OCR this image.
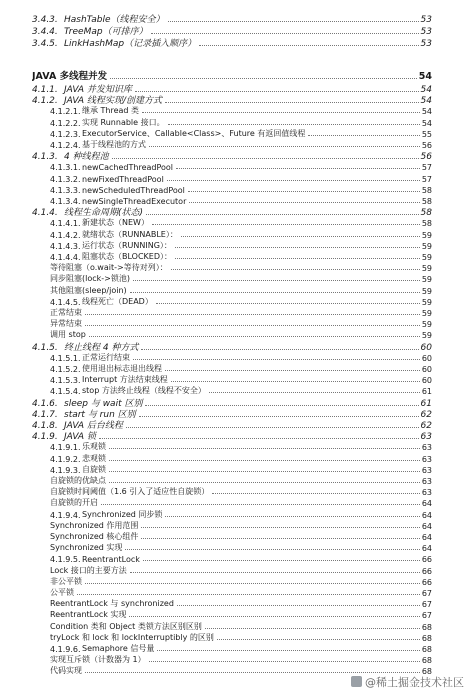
3.4.3. HashTable（线程安全）	53
3.4.4. TreeMap（可排序）	53
3.4.5. LinkHashMap（记录插入顺序）	53
JAVA 多线程并发	54
4.1.1. JAVA 并发知识库	54
4.1.2. JAVA 线程实现/创建方式	54
4.1.2.1. 继承 Thread 类	54
4.1.2.2. 实现 Runnable 接口。	54
4.1.2.3. ExecutorService、Callable<Class>、Future 有返回值线程	55
4.1.2.4. 基于线程池的方式	56
4.1.3. 4 种线程池	56
4.1.3.1. newCachedThreadPool	57
4.1.3.2. newFixedThreadPool	57
4.1.3.3. newScheduledThreadPool	58
4.1.3.4. newSingleThreadExecutor	58
4.1.4. 线程生命周期(状态)	58
4.1.4.1. 新建状态（NEW）	58
4.1.4.2. 就绪状态（RUNNABLE）：	59
4.1.4.3. 运行状态（RUNNING）：	59
4.1.4.4. 阻塞状态（BLOCKED）：	59
等待阻塞（o.wait->等待对列）：	59
同步阻塞(lock->锁池)	59
其他阻塞(sleep/join)	59
4.1.4.5. 线程死亡（DEAD）	59
正常结束	59
异常结束	59
调用 stop	59
4.1.5. 终止线程 4 种方式	60
4.1.5.1. 正常运行结束	60
4.1.5.2. 使用退出标志退出线程	60
4.1.5.3. Interrupt 方法结束线程	60
4.1.5.4. stop 方法终止线程（线程不安全）	61
4.1.6. sleep 与 wait 区别	61
4.1.7. start 与 run 区别	62
4.1.8. JAVA 后台线程	62
4.1.9. JAVA 锁	63
4.1.9.1. 乐观锁	63
4.1.9.2. 悲观锁	63
4.1.9.3. 自旋锁	63
自旋锁的优缺点	63
自旋锁时间阈值（1.6 引入了适应性自旋锁）	63
自旋锁的开启	64
4.1.9.4. Synchronized 同步锁	64
Synchronized 作用范围	64
Synchronized 核心组件	64
Synchronized 实现	64
4.1.9.5. ReentrantLock	66
Lock 接口的主要方法	66
非公平锁	66
公平锁	67
ReentrantLock 与 synchronized	67
ReentrantLock 实现	67
Condition 类和 Object 类锁方法区别区别	68
tryLock 和 lock 和 lockInterruptibly 的区别	68
4.1.9.6. Semaphore 信号量	68
实现互斥锁（计数器为 1）	68
代码实现	68
@稀土掘金技术社区
